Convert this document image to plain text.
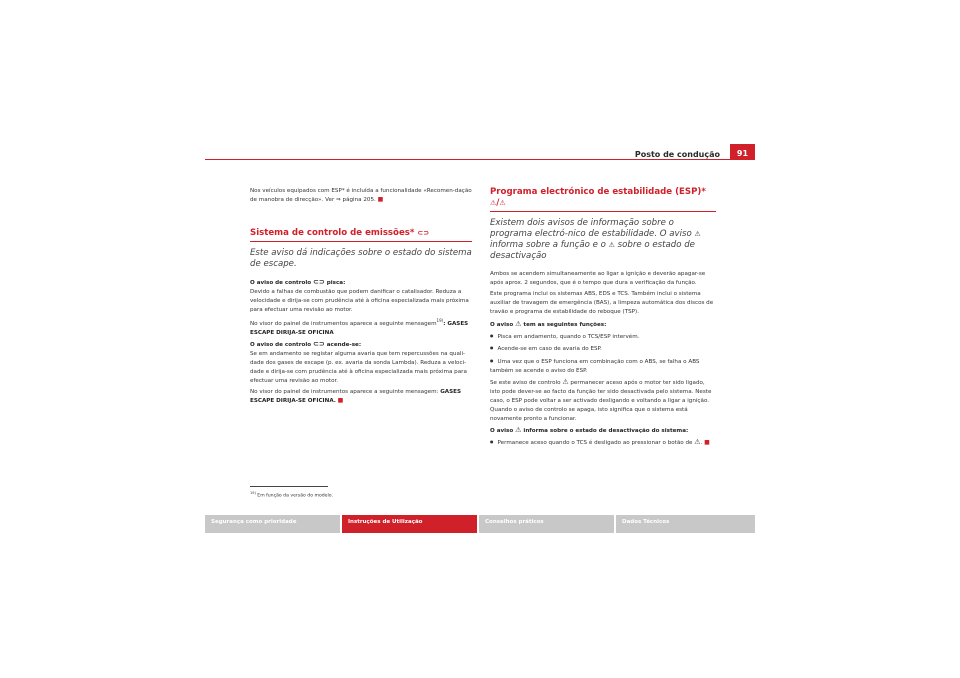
Posto de condução	91

Nos veículos equipados com ESP* é incluída a funcionalidade «Recomen-dação de manobra de direcção». Ver ⇒ página 205. ■

Sistema de controlo de emissões* ⊂⊃
Este aviso dá indicações sobre o estado do sistema de escape.

O aviso de controlo ⊂⊃ pisca:

Devido a falhas de combustão que podem danificar o catalisador. Reduza a velocidade e dirija-se com prudência até à oficina especializada mais próxima para efectuar uma revisão ao motor.

No visor do painel de instrumentos aparece a seguinte mensagem$^{19)}$: GASES ESCAPE DIRIJA-SE OFICINA

O aviso de controlo ⊂⊃ acende-se:

Se em andamento se registar alguma avaria que tem repercussões na quali-dade dos gases de escape (p. ex. avaria da sonda Lambda). Reduza a veloci-dade e dirija-se com prudência até à oficina especializada mais próxima para efectuar uma revisão ao motor.

No visor do painel de instrumentos aparece a seguinte mensagem: GASES ESCAPE DIRIJA-SE OFICINA. ■

$^{19)}$ Em função da versão do modelo.
Programa electrónico de estabilidade (ESP)* ⚠/⚠
Existem dois avisos de informação sobre o programa electró-nico de estabilidade. O aviso ⚠ informa sobre a função e o ⚠ sobre o estado de desactivação

Ambos se acendem simultaneamente ao ligar a ignição e deverão apagar-se após aprox. 2 segundos, que é o tempo que dura a verificação da função.

Este programa inclui os sistemas ABS, EDS e TCS. Também inclui o sistema auxiliar de travagem de emergência (BAS), a limpeza automática dos discos de travão e programa de estabilidade do reboque (TSP).

O aviso ⚠ tem as seguintes funções:

● Pisca em andamento, quando o TCS/ESP intervém.

● Acende-se em caso de avaria do ESP.

● Uma vez que o ESP funciona em combinação com o ABS, se falha o ABS também se acende o aviso do ESP.

Se este aviso de controlo ⚠ permanecer aceso após o motor ter sido ligado, isto pode dever-se ao facto da função ter sido desactivada pelo sistema. Neste caso, o ESP pode voltar a ser activado desligando e voltando a ligar a ignição. Quando o aviso de controlo se apaga, isto significa que o sistema está novamente pronto a funcionar.

O aviso ⚠ informa sobre o estado de desactivação do sistema:

● Permanece aceso quando o TCS é desligado ao pressionar o botão de ⚠. ■

Segurança como prioridade	Instruções de Utilização	Conselhos práticos	Dados Técnicos
